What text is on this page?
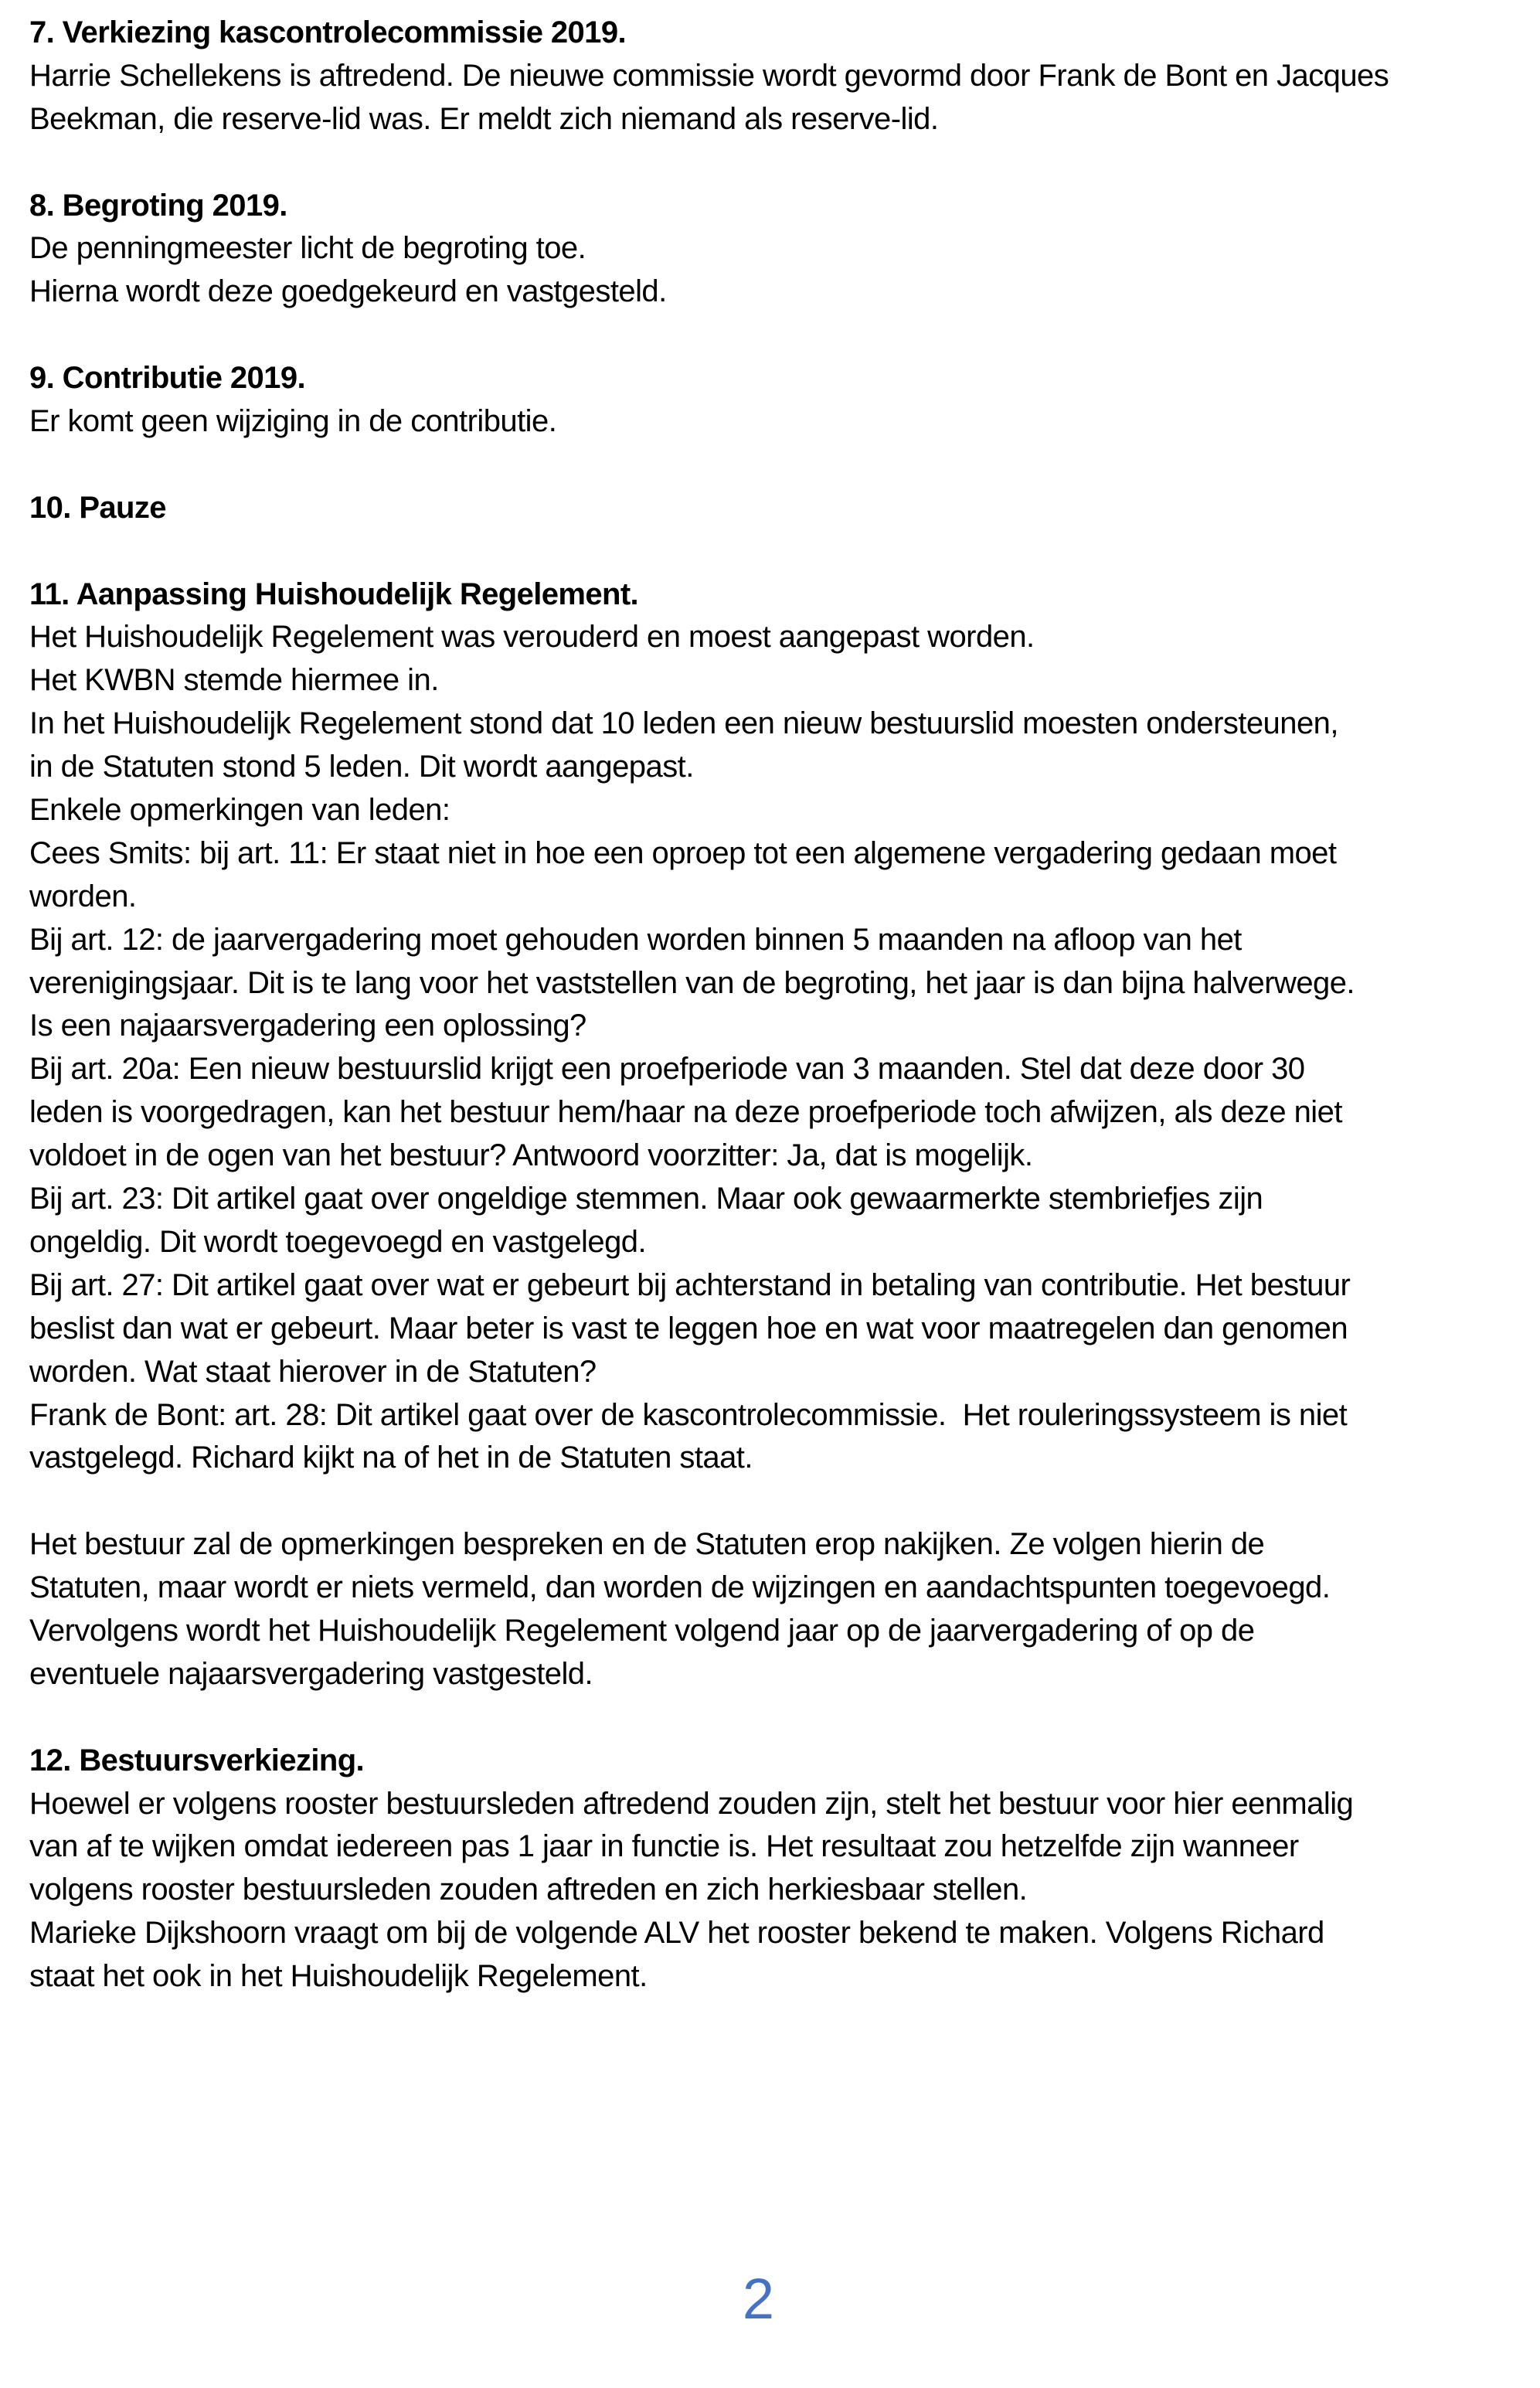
7. Verkiezing kascontrolecommissie 2019.

Harrie Schellekens is aftredend. De nieuwe commissie wordt gevormd door Frank de Bont en Jacques

Beekman, die reserve-lid was. Er meldt zich niemand als reserve-lid.

8. Begroting 2019.

De penningmeester licht de begroting toe.

Hierna wordt deze goedgekeurd en vastgesteld.

9. Contributie 2019.

Er komt geen wijziging in de contributie.

10. Pauze

11. Aanpassing Huishoudelijk Regelement.

Het Huishoudelijk Regelement was verouderd en moest aangepast worden.

Het KWBN stemde hiermee in.

In het Huishoudelijk Regelement stond dat 10 leden een nieuw bestuurslid moesten ondersteunen,

in de Statuten stond 5 leden. Dit wordt aangepast.

Enkele opmerkingen van leden:

Cees Smits: bij art. 11: Er staat niet in hoe een oproep tot een algemene vergadering gedaan moet

worden.

Bij art. 12: de jaarvergadering moet gehouden worden binnen 5 maanden na afloop van het

verenigingsjaar. Dit is te lang voor het vaststellen van de begroting, het jaar is dan bijna halverwege.

Is een najaarsvergadering een oplossing?

Bij art. 20a: Een nieuw bestuurslid krijgt een proefperiode van 3 maanden. Stel dat deze door 30

leden is voorgedragen, kan het bestuur hem/haar na deze proefperiode toch afwijzen, als deze niet

voldoet in de ogen van het bestuur? Antwoord voorzitter: Ja, dat is mogelijk.

Bij art. 23: Dit artikel gaat over ongeldige stemmen. Maar ook gewaarmerkte stembriefjes zijn

ongeldig. Dit wordt toegevoegd en vastgelegd.

Bij art. 27: Dit artikel gaat over wat er gebeurt bij achterstand in betaling van contributie. Het bestuur

beslist dan wat er gebeurt. Maar beter is vast te leggen hoe en wat voor maatregelen dan genomen

worden. Wat staat hierover in de Statuten?

Frank de Bont: art. 28: Dit artikel gaat over de kascontrolecommissie.  Het rouleringssysteem is niet

vastgelegd. Richard kijkt na of het in de Statuten staat.

Het bestuur zal de opmerkingen bespreken en de Statuten erop nakijken. Ze volgen hierin de

Statuten, maar wordt er niets vermeld, dan worden de wijzingen en aandachtspunten toegevoegd.

Vervolgens wordt het Huishoudelijk Regelement volgend jaar op de jaarvergadering of op de

eventuele najaarsvergadering vastgesteld.

12. Bestuursverkiezing.

Hoewel er volgens rooster bestuursleden aftredend zouden zijn, stelt het bestuur voor hier eenmalig

van af te wijken omdat iedereen pas 1 jaar in functie is. Het resultaat zou hetzelfde zijn wanneer

volgens rooster bestuursleden zouden aftreden en zich herkiesbaar stellen.

Marieke Dijkshoorn vraagt om bij de volgende ALV het rooster bekend te maken. Volgens Richard

staat het ook in het Huishoudelijk Regelement.

2
